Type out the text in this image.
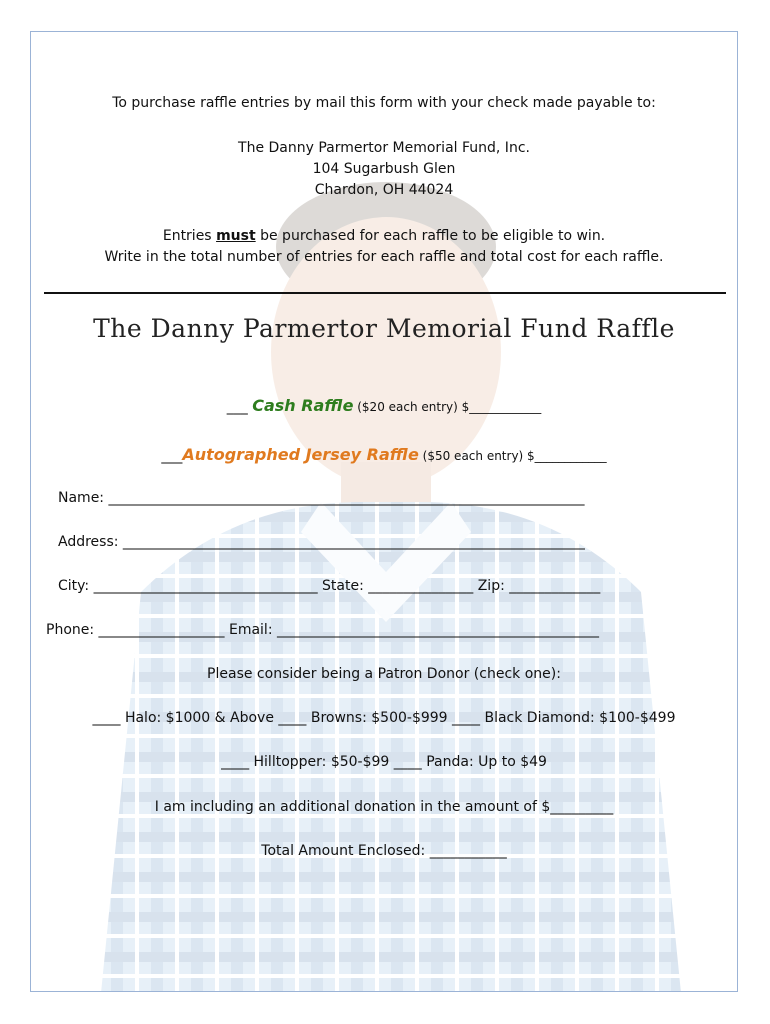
To purchase raffle entries by mail this form with your check made payable to:
The Danny Parmertor Memorial Fund, Inc.
104 Sugarbush Glen
Chardon, OH 44024
Entries must be purchased for each raffle to be eligible to win.
Write in the total number of entries for each raffle and total cost for each raffle.
The Danny Parmertor Memorial Fund Raffle
___ Cash Raffle ($20 each entry) $____________
___Autographed Jersey Raffle ($50 each entry) $____________
Name: ____________________________________________________________________
Address: __________________________________________________________________
City: ________________________________ State: _______________ Zip: _____________
Phone: __________________ Email: ______________________________________________
Please consider being a Patron Donor (check one):
____ Halo: $1000 & Above ____ Browns: $500-$999 ____ Black Diamond: $100-$499
____ Hilltopper: $50-$99 ____ Panda: Up to $49
I am including an additional donation in the amount of $_________
Total Amount Enclosed: ___________
